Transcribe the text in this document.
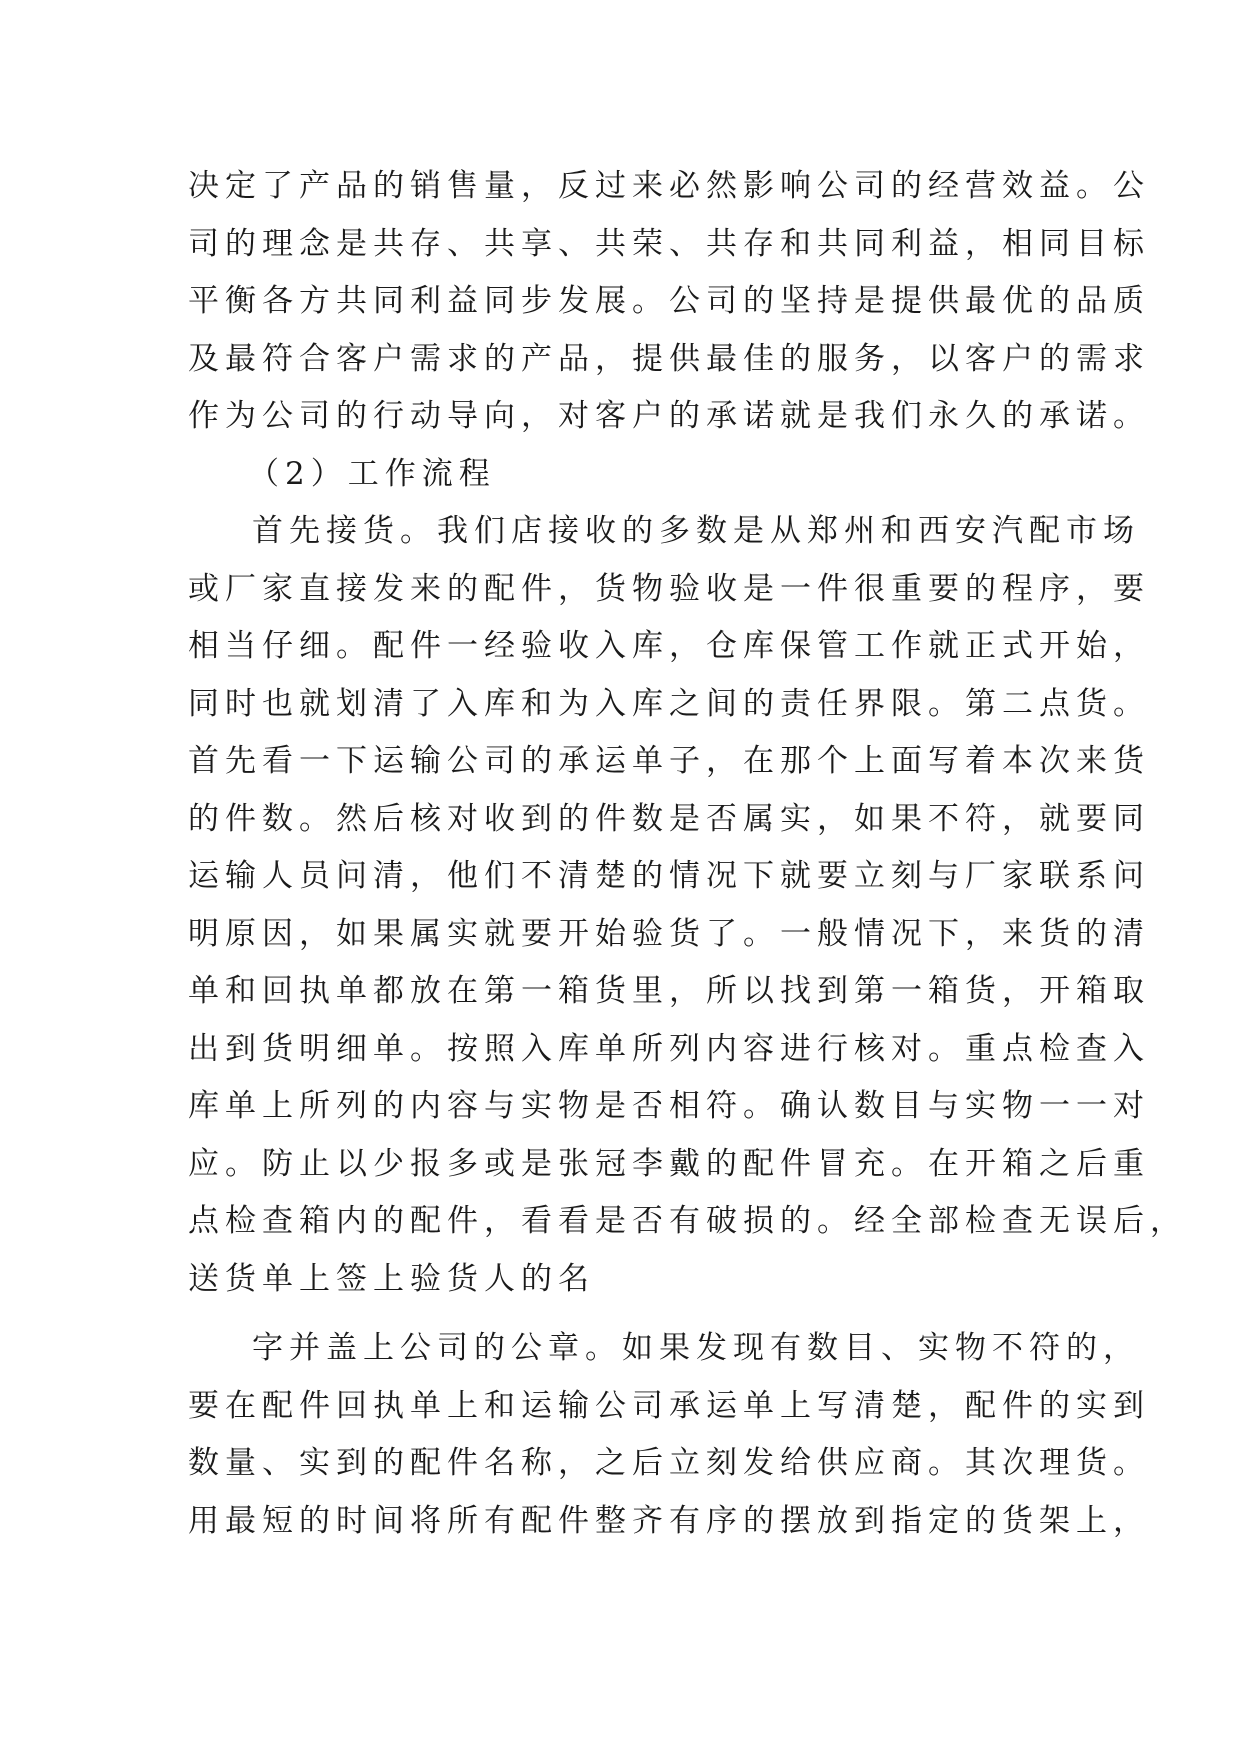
决定了产品的销售量，反过来必然影响公司的经营效益。公
司的理念是共存、共享、共荣、共存和共同利益，相同目标
平衡各方共同利益同步发展。公司的坚持是提供最优的品质
及最符合客户需求的产品，提供最佳的服务，以客户的需求
作为公司的行动导向，对客户的承诺就是我们永久的承诺。
（2）工作流程
首先接货。我们店接收的多数是从郑州和西安汽配市场
或厂家直接发来的配件，货物验收是一件很重要的程序，要
相当仔细。配件一经验收入库，仓库保管工作就正式开始，
同时也就划清了入库和为入库之间的责任界限。第二点货。
首先看一下运输公司的承运单子，在那个上面写着本次来货
的件数。然后核对收到的件数是否属实，如果不符，就要同
运输人员问清，他们不清楚的情况下就要立刻与厂家联系问
明原因，如果属实就要开始验货了。一般情况下，来货的清
单和回执单都放在第一箱货里，所以找到第一箱货，开箱取
出到货明细单。按照入库单所列内容进行核对。重点检查入
库单上所列的内容与实物是否相符。确认数目与实物一一对
应。防止以少报多或是张冠李戴的配件冒充。在开箱之后重
点检查箱内的配件，看看是否有破损的。经全部检查无误后，
送货单上签上验货人的名
字并盖上公司的公章。如果发现有数目、实物不符的，
要在配件回执单上和运输公司承运单上写清楚，配件的实到
数量、实到的配件名称，之后立刻发给供应商。其次理货。
用最短的时间将所有配件整齐有序的摆放到指定的货架上，
